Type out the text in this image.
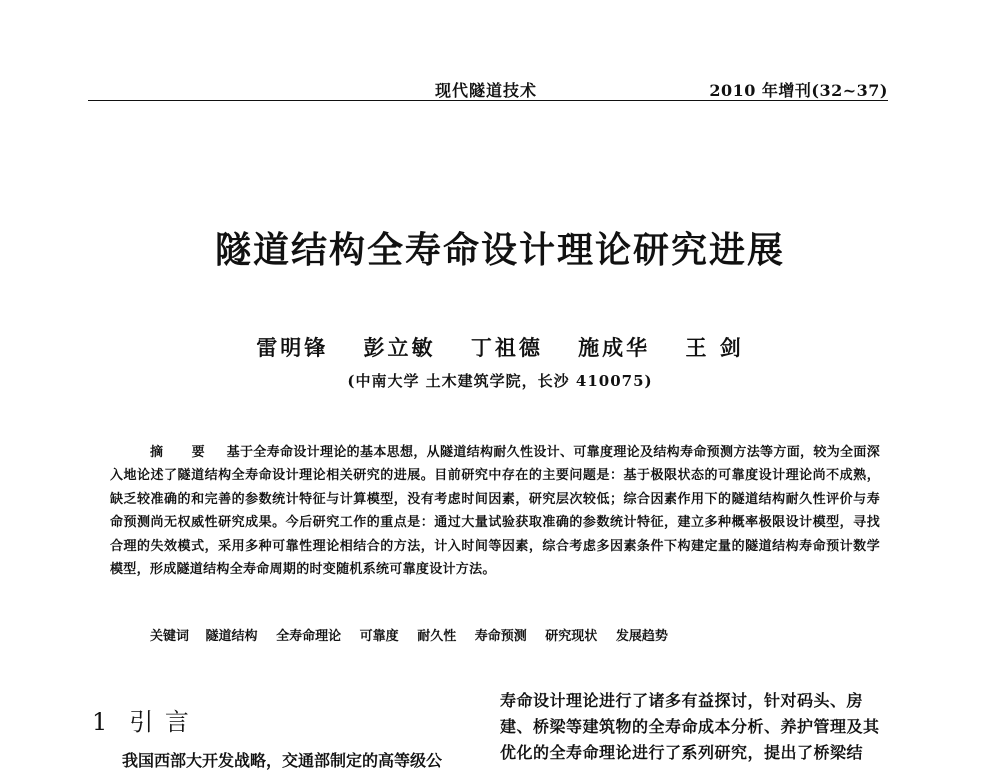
现代隧道技术	2010 年增刊(32~37)
隧道结构全寿命设计理论研究进展
雷明锋 彭立敏 丁祖德 施成华 王 剑
(中南大学 土木建筑学院，长沙 410075)
摘 要 基于全寿命设计理论的基本思想，从隧道结构耐久性设计、可靠度理论及结构寿命预测方法等方面，较为全面深入地论述了隧道结构全寿命设计理论相关研究的进展。目前研究中存在的主要问题是：基于极限状态的可靠度设计理论尚不成熟，缺乏较准确的和完善的参数统计特征与计算模型，没有考虑时间因素，研究层次较低；综合因素作用下的隧道结构耐久性评价与寿命预测尚无权威性研究成果。今后研究工作的重点是：通过大量试验获取准确的参数统计特征，建立多种概率极限设计模型，寻找合理的失效模式，采用多种可靠性理论相结合的方法，计入时间等因素，综合考虑多因素条件下构建定量的隧道结构寿命预计数学模型，形成隧道结构全寿命周期的时变随机系统可靠度设计方法。
关键词 隧道结构 全寿命理论 可靠度 耐久性 寿命预测 研究现状 发展趋势
1 引 言
我国西部大开发战略，交通部制定的高等级公
寿命设计理论进行了诸多有益探讨，针对码头、房
建、桥梁等建筑物的全寿命成本分析、养护管理及其
优化的全寿命理论进行了系列研究，提出了桥梁结
